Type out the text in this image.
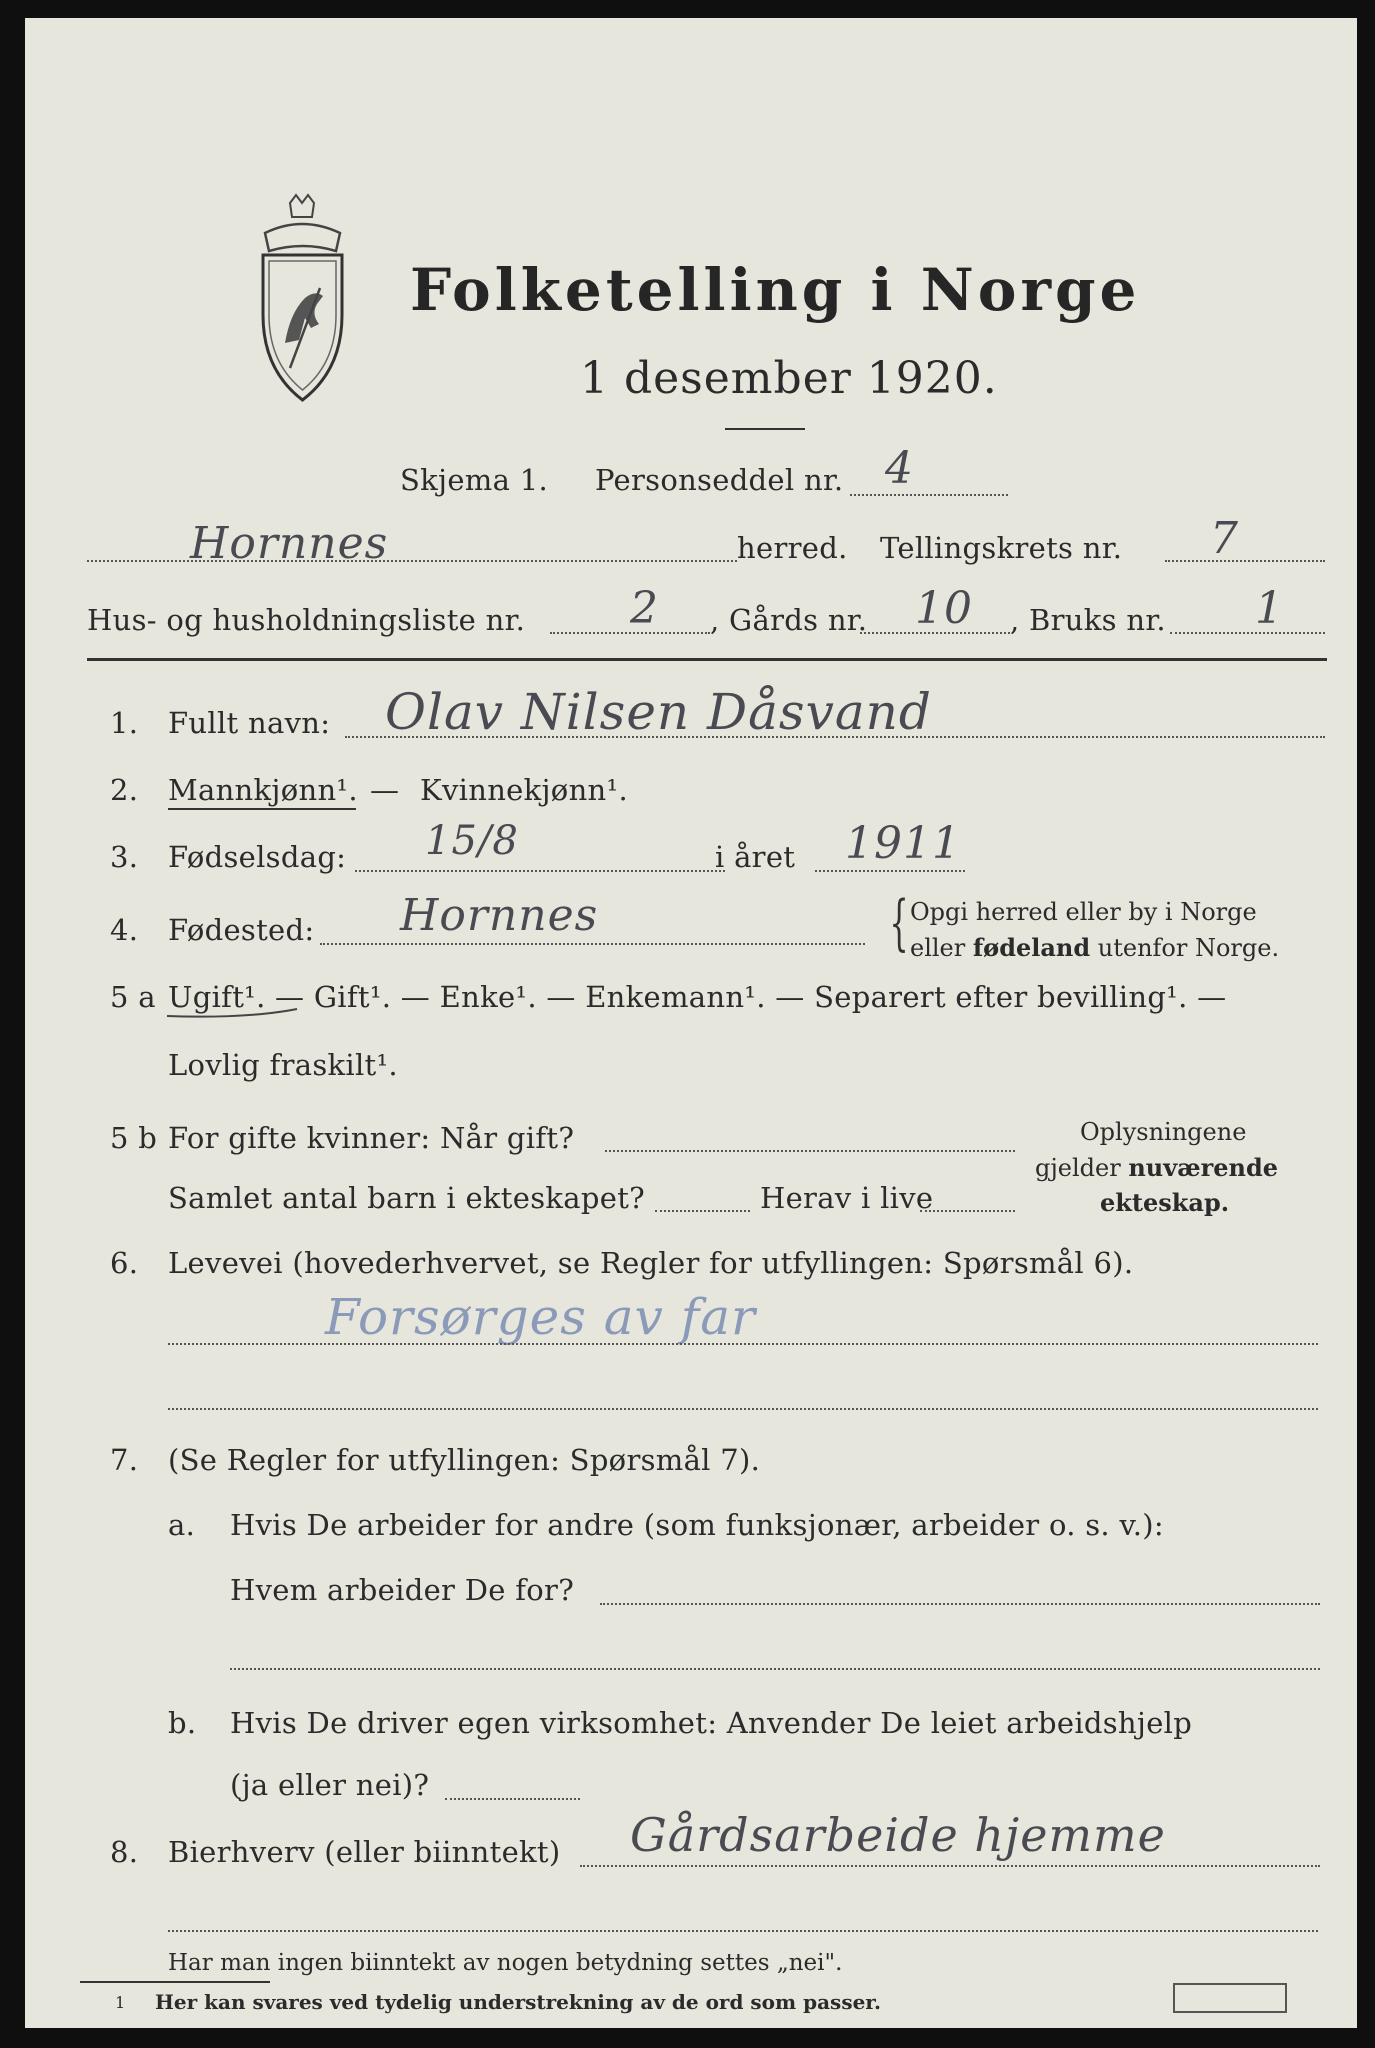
Folketelling i Norge
1 desember 1920.
Skjema 1. Personseddel nr. 4
Hornnes	herred. Tellingskrets nr. 7
Hus- og husholdningsliste nr. 2 , Gårds nr. 10 , Bruks nr. 1
1. Fullt navn: Olav Nilsen Dåsvand
2. Mannkjønn¹. — Kvinnekjønn¹.
3. Fødselsdag: 15/8	i året 1911
4. Fødested: Hornnes	{ Opgi herred eller by i Norge
eller fødeland utenfor Norge.
5 a Ugift¹. — Gift¹. — Enke¹. — Enkemann¹. — Separert efter bevilling¹. —
Lovlig fraskilt¹.
5 b For gifte kvinner: Når gift?
Samlet antal barn i ekteskapet?	Herav i live
Oplysningene
gjelder nuværende
ekteskap.
6. Levevei (hovederhvervet, se Regler for utfyllingen: Spørsmål 6).
Forsørges av far
7. (Se Regler for utfyllingen: Spørsmål 7).
a. Hvis De arbeider for andre (som funksjonær, arbeider o. s. v.):
Hvem arbeider De for?
b. Hvis De driver egen virksomhet: Anvender De leiet arbeidshjelp
(ja eller nei)?
8. Bierhverv (eller biinntekt) Gårdsarbeide hjemme
Har man ingen biinntekt av nogen betydning settes „nei".
1 Her kan svares ved tydelig understrekning av de ord som passer.
